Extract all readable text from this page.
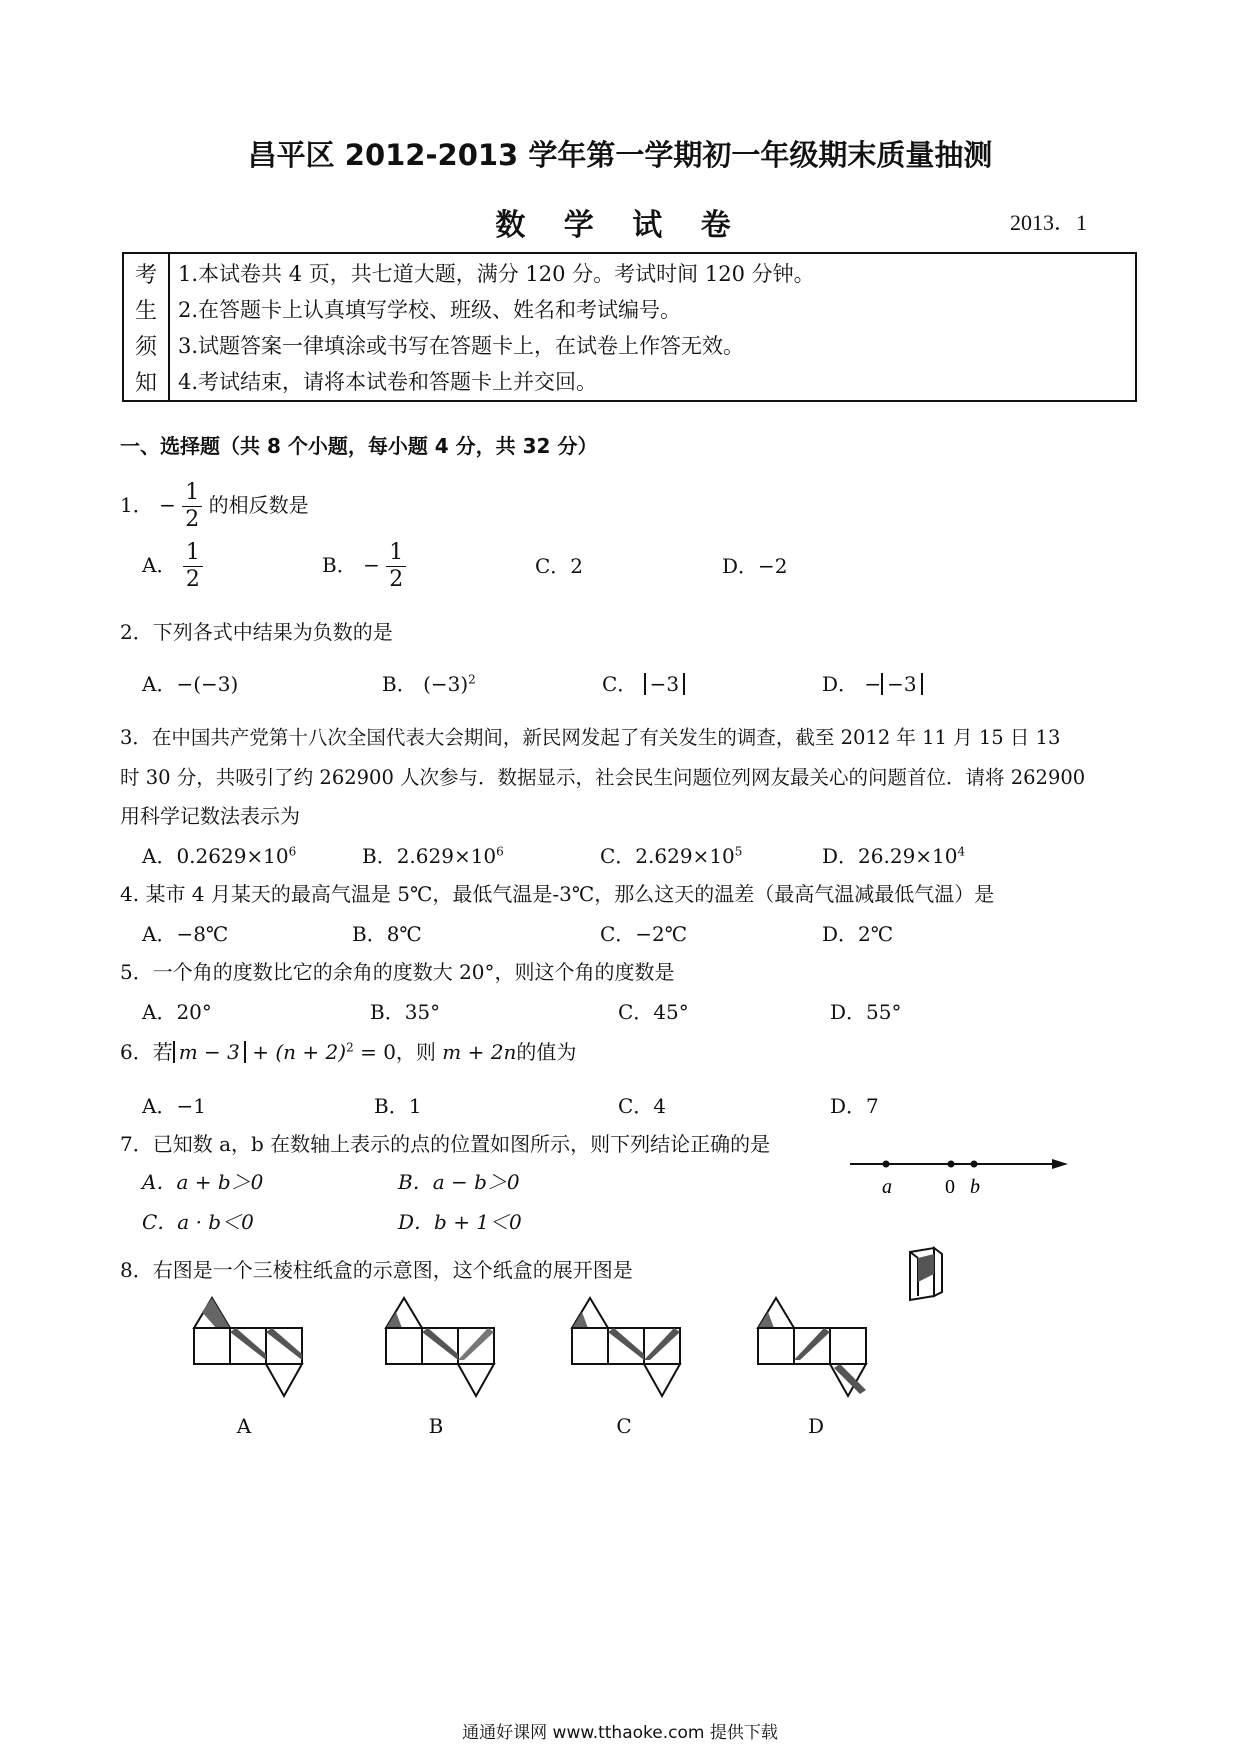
昌平区 2012-2013 学年第一学期初一年级期末质量抽测
数 学 试 卷	2013．1
考
生
须
知
1.本试卷共 4 页，共七道大题，满分 120 分。考试时间 120 分钟。
2.在答题卡上认真填写学校、班级、姓名和考试编号。
3.试题答案一律填涂或书写在答题卡上，在试卷上作答无效。
4.考试结束，请将本试卷和答题卡上并交回。
一、选择题（共 8 个小题，每小题 4 分，共 32 分）
1． − $\frac{1}{2}$ 的相反数是
A． $\frac{1}{2}$	B． − $\frac{1}{2}$	C．2	D．−2
2．下列各式中结果为负数的是
A．−(−3)	B． $(-3)^2$	C． −3	D． − −3
3．在中国共产党第十八次全国代表大会期间，新民网发起了有关发生的调查，截至 2012 年 11 月 15 日 13
时 30 分，共吸引了约 262900 人次参与．数据显示，社会民生问题位列网友最关心的问题首位．请将 262900
用科学记数法表示为
A．$0.2629\times 10^6$	B．$2.629\times 10^6$	C．$2.629\times 10^5$	D．$26.29\times 10^4$
4. 某市 4 月某天的最高气温是 5℃，最低气温是-3℃，那么这天的温差（最高气温减最低气温）是
A．−8℃	B．8℃	C．−2℃	D．2℃
5．一个角的度数比它的余角的度数大 20°，则这个角的度数是
A．20°	B．35°	C．45°	D．55°
6．若 $m - 3 + (n + 2)^2 = 0$，则 m + 2n的值为
A．−1	B．1	C．4	D．7
7．已知数 a，b 在数轴上表示的点的位置如图所示，则下列结论正确的是
A．a + b＞0	B．a − b＞0
C．a · b＜0	D．b + 1＜0
a	0 b
8．右图是一个三棱柱纸盒的示意图，这个纸盒的展开图是
A	B	C	D
通通好课网 www.tthaoke.com 提供下载
